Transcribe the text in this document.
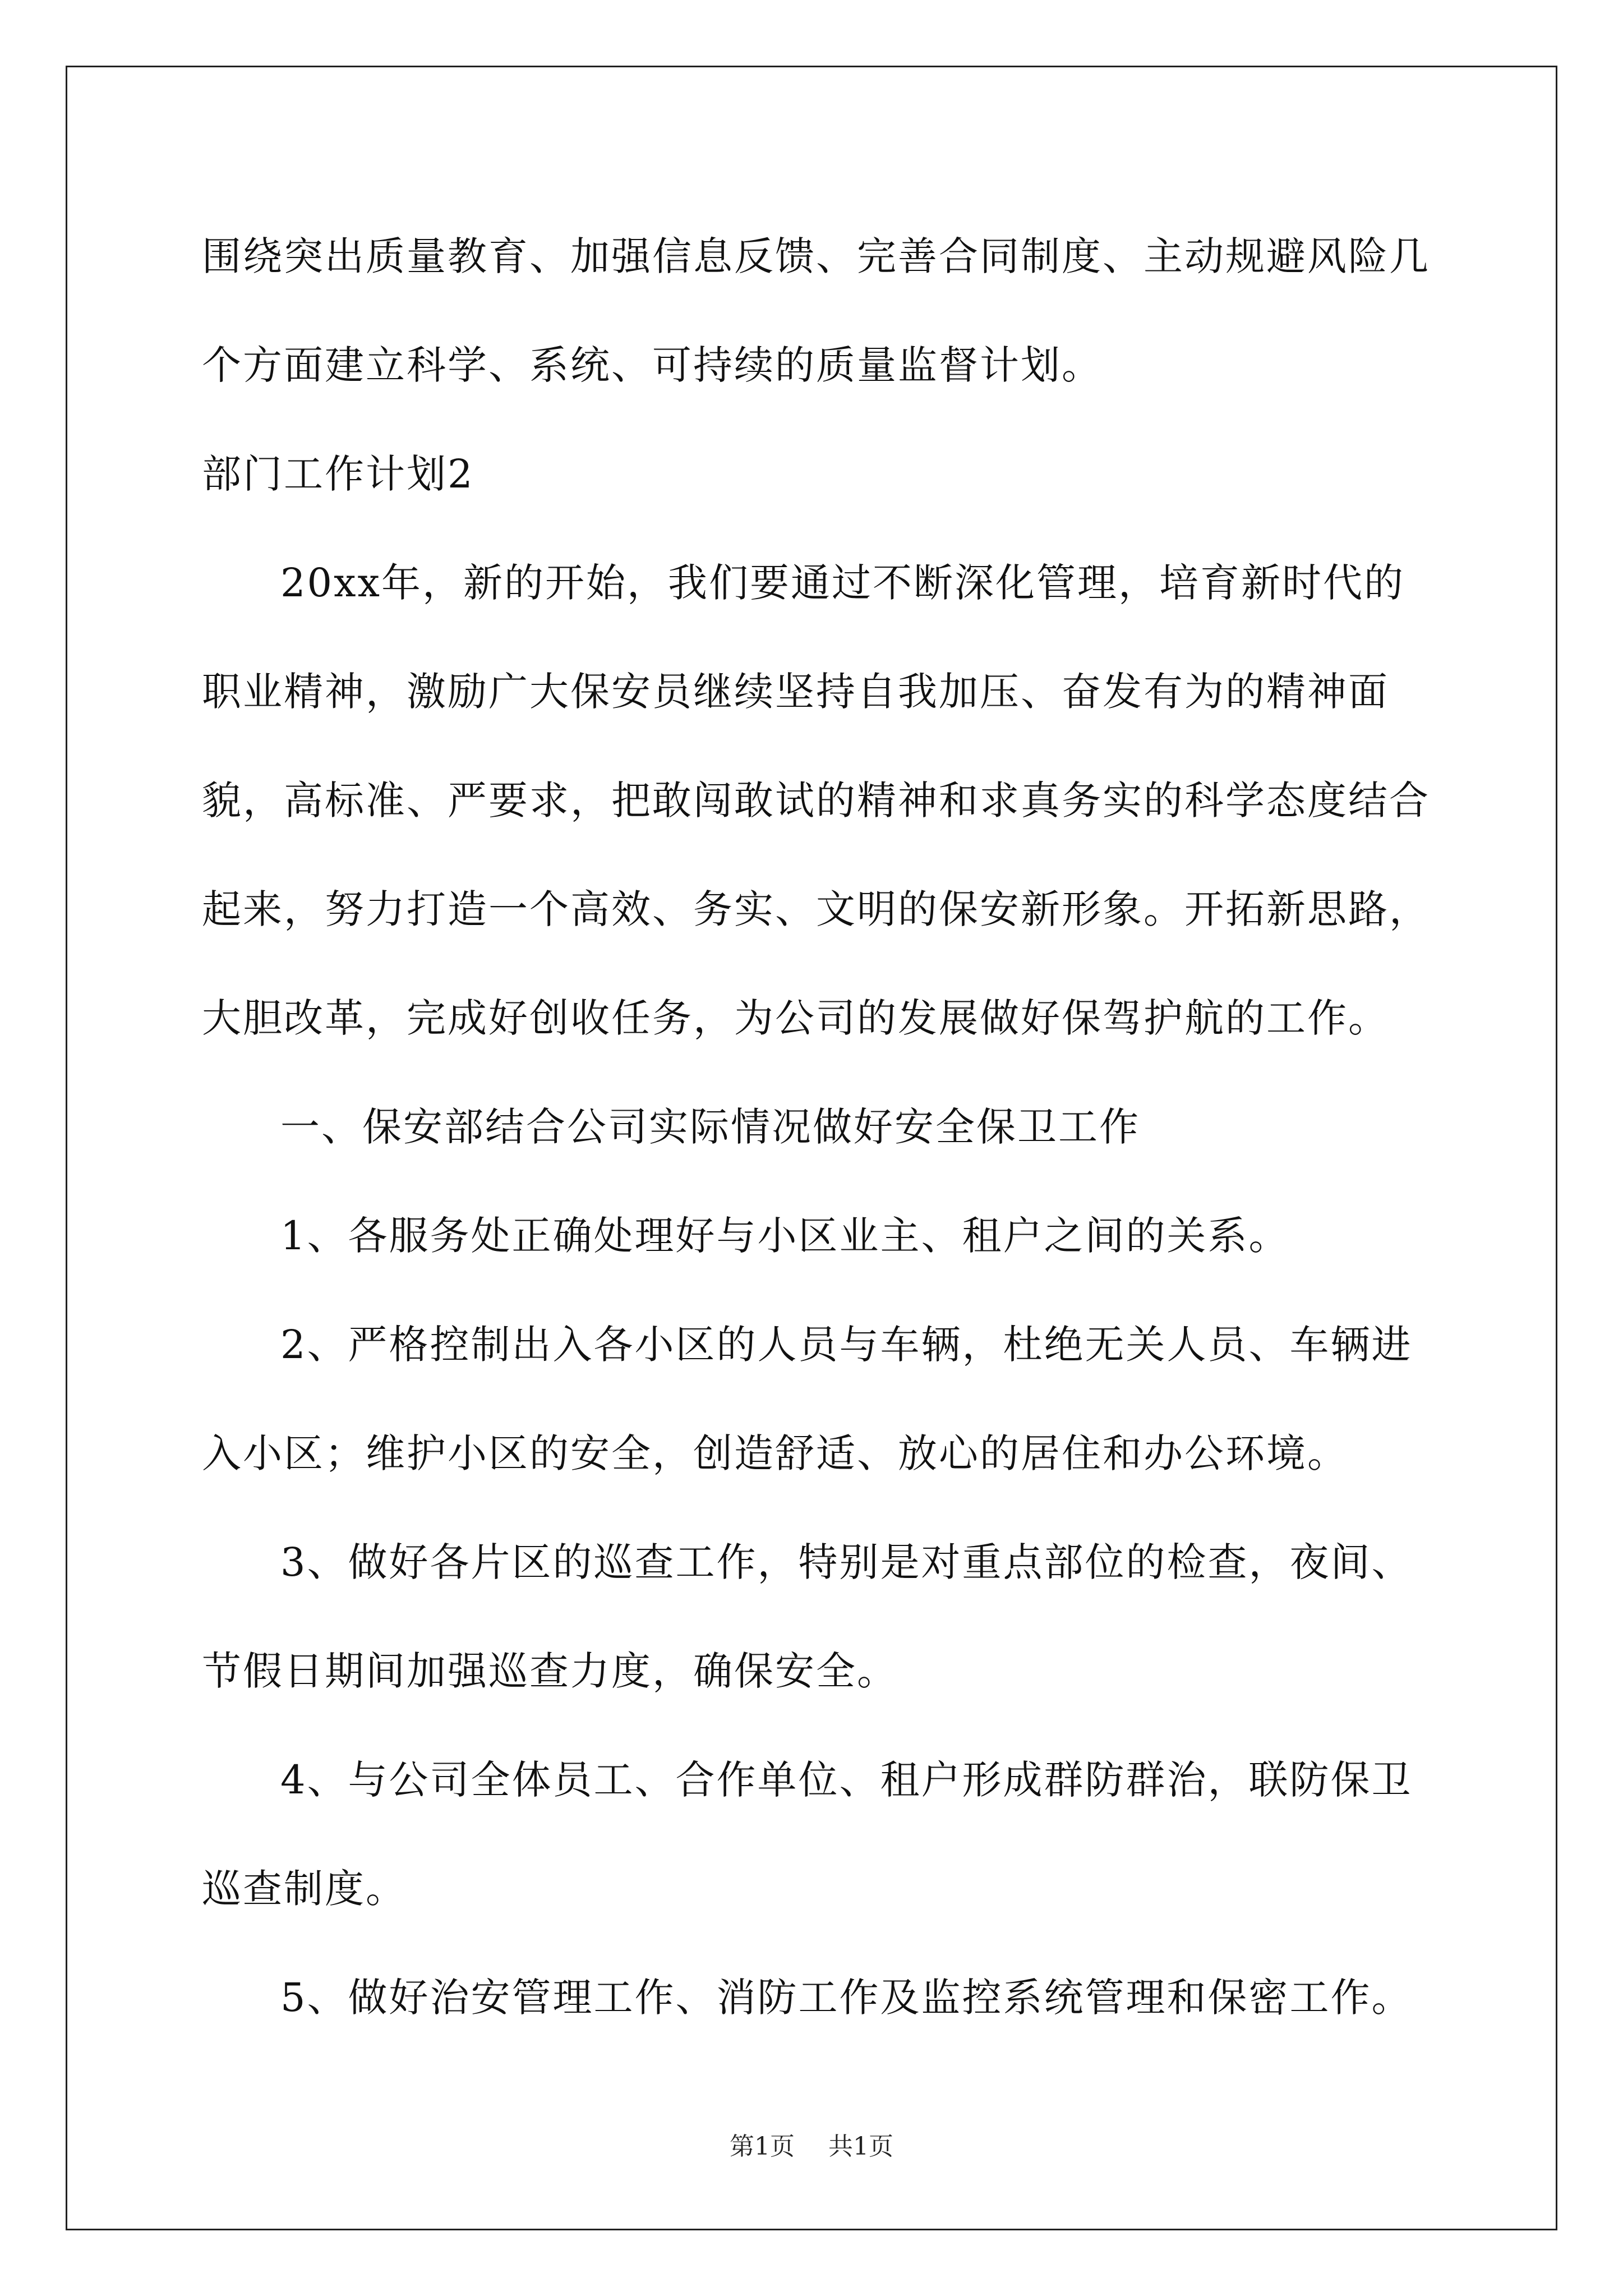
围绕突出质量教育、加强信息反馈、完善合同制度、主动规避风险几个方面建立科学、系统、可持续的质量监督计划。

部门工作计划2

20xx年，新的开始，我们要通过不断深化管理，培育新时代的职业精神，激励广大保安员继续坚持自我加压、奋发有为的精神面貌，高标准、严要求，把敢闯敢试的精神和求真务实的科学态度结合起来，努力打造一个高效、务实、文明的保安新形象。开拓新思路，大胆改革，完成好创收任务，为公司的发展做好保驾护航的工作。

一、保安部结合公司实际情况做好安全保卫工作

1、各服务处正确处理好与小区业主、租户之间的关系。

2、严格控制出入各小区的人员与车辆，杜绝无关人员、车辆进入小区；维护小区的安全，创造舒适、放心的居住和办公环境。

3、做好各片区的巡查工作，特别是对重点部位的检查，夜间、节假日期间加强巡查力度，确保安全。

4、与公司全体员工、合作单位、租户形成群防群治，联防保卫巡查制度。

5、做好治安管理工作、消防工作及监控系统管理和保密工作。

第1页 共1页
